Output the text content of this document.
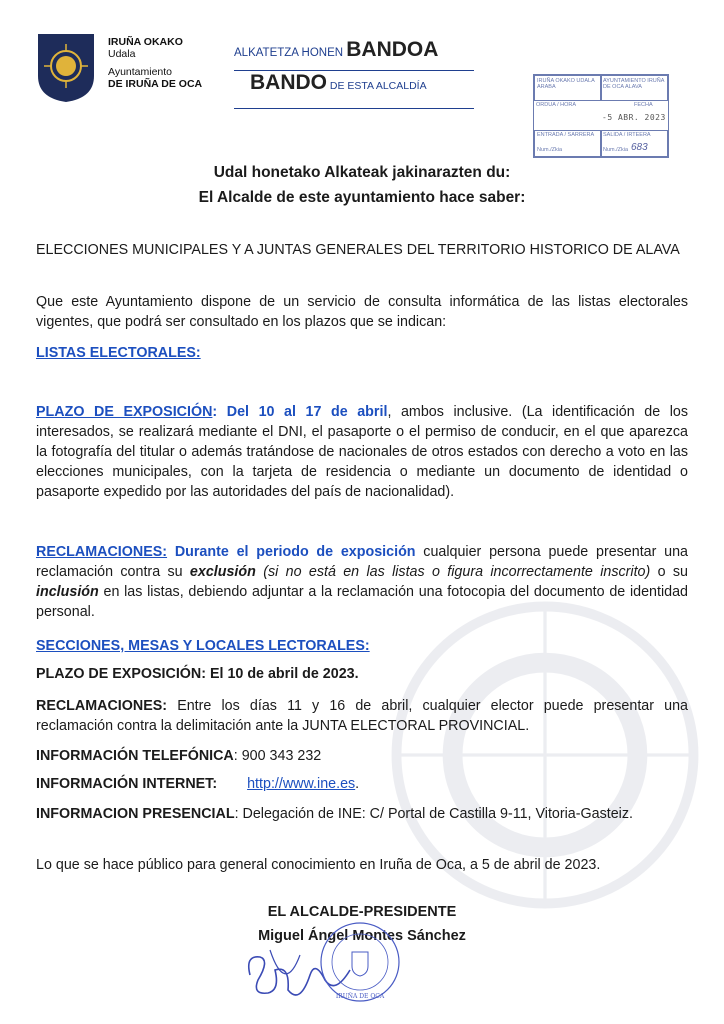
IRUÑA OKAKO
Udala
Ayuntamiento
DE IRUÑA DE OCA
ALKATETZA HONEN BANDOA
BANDO DE ESTA ALCALDÍA	IRUÑA OKAKO UDALA ARABA
AYUNTAMIENTO IRUÑA DE OCA ALAVA
ORDUA / HORA	FECHA
-5 ABR. 2023
ENTRADA / SARRERA
Num./Zkia
SALIDA / IRTEERA
Num./Zkia 683
Udal honetako Alkateak jakinarazten du:
El Alcalde de este ayuntamiento hace saber:
ELECCIONES MUNICIPALES Y A JUNTAS GENERALES DEL TERRITORIO HISTORICO DE ALAVA
Que este Ayuntamiento dispone de un servicio de consulta informática de las listas electorales vigentes, que podrá ser consultado en los plazos que se indican:
LISTAS ELECTORALES:
PLAZO DE EXPOSICIÓN: Del 10 al 17 de abril, ambos inclusive. (La identificación de los interesados, se realizará mediante el DNI, el pasaporte o el permiso de conducir, en el que aparezca la fotografía del titular o además tratándose de nacionales de otros estados con derecho a voto en las elecciones municipales, con la tarjeta de residencia o mediante un documento de identidad o pasaporte expedido por las autoridades del país de nacionalidad).
RECLAMACIONES: Durante el periodo de exposición cualquier persona puede presentar una reclamación contra su exclusión (si no está en las listas o figura incorrectamente inscrito) o su inclusión en las listas, debiendo adjuntar a la reclamación una fotocopia del documento de identidad personal.
SECCIONES, MESAS Y LOCALES LECTORALES:
PLAZO DE EXPOSICIÓN: El 10 de abril de 2023.
RECLAMACIONES: Entre los días 11 y 16 de abril, cualquier elector puede presentar una reclamación contra la delimitación ante la JUNTA ELECTORAL PROVINCIAL.
INFORMACIÓN TELEFÓNICA: 900 343 232
INFORMACIÓN INTERNET: http://www.ine.es.
INFORMACION PRESENCIAL: Delegación de INE: C/ Portal de Castilla 9-11, Vitoria-Gasteiz.
Lo que se hace público para general conocimiento en Iruña de Oca, a 5 de abril de 2023.
EL ALCALDE-PRESIDENTE
Miguel Ángel Montes Sánchez
IRUÑA DE OCA
